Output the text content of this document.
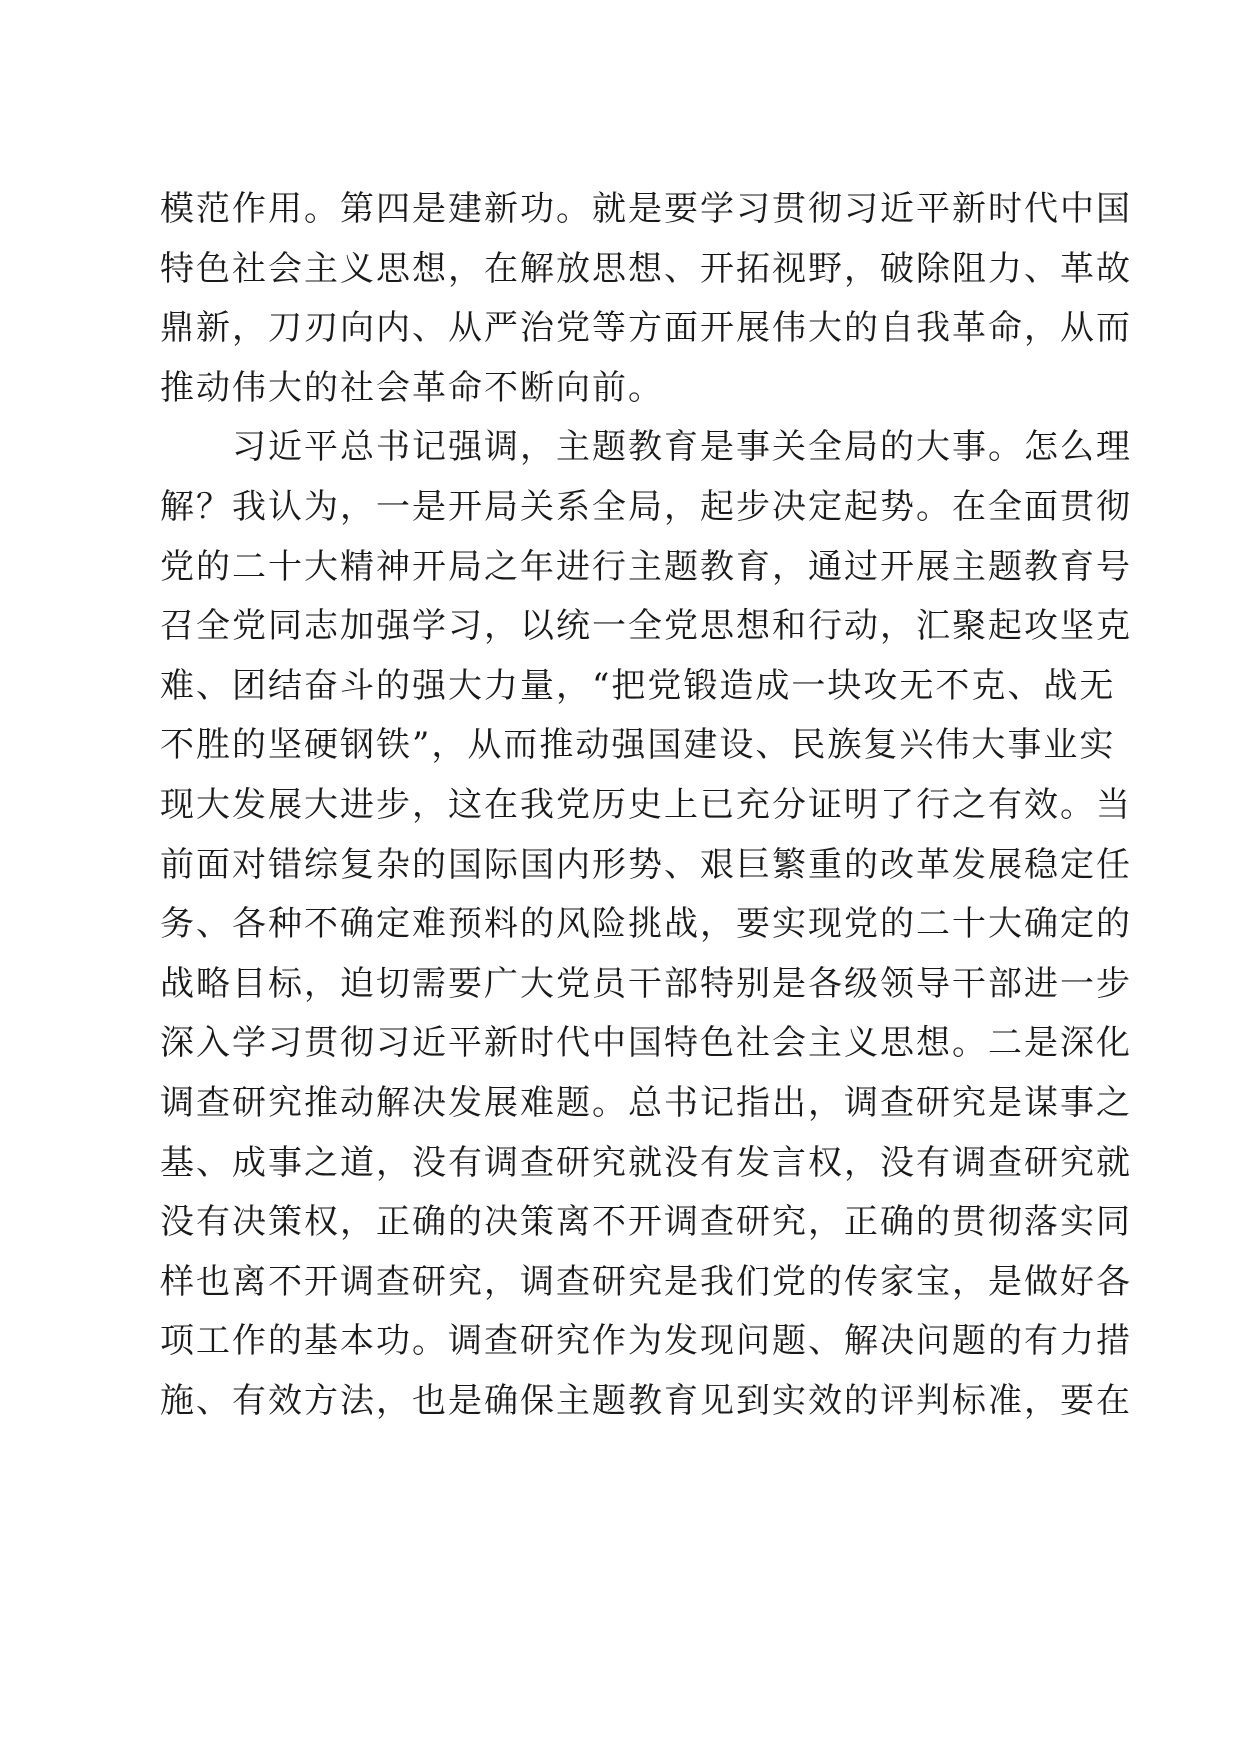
模范作用。第四是建新功。就是要学习贯彻习近平新时代中国
特色社会主义思想，在解放思想、开拓视野，破除阻力、革故
鼎新，刀刃向内、从严治党等方面开展伟大的自我革命，从而
推动伟大的社会革命不断向前。
　　习近平总书记强调，主题教育是事关全局的大事。怎么理
解？我认为，一是开局关系全局，起步决定起势。在全面贯彻
党的二十大精神开局之年进行主题教育，通过开展主题教育号
召全党同志加强学习，以统一全党思想和行动，汇聚起攻坚克
难、团结奋斗的强大力量，“把党锻造成一块攻无不克、战无
不胜的坚硬钢铁”，从而推动强国建设、民族复兴伟大事业实
现大发展大进步，这在我党历史上已充分证明了行之有效。当
前面对错综复杂的国际国内形势、艰巨繁重的改革发展稳定任
务、各种不确定难预料的风险挑战，要实现党的二十大确定的
战略目标，迫切需要广大党员干部特别是各级领导干部进一步
深入学习贯彻习近平新时代中国特色社会主义思想。二是深化
调查研究推动解决发展难题。总书记指出，调查研究是谋事之
基、成事之道，没有调查研究就没有发言权，没有调查研究就
没有决策权，正确的决策离不开调查研究，正确的贯彻落实同
样也离不开调查研究，调查研究是我们党的传家宝，是做好各
项工作的基本功。调查研究作为发现问题、解决问题的有力措
施、有效方法，也是确保主题教育见到实效的评判标准，要在
